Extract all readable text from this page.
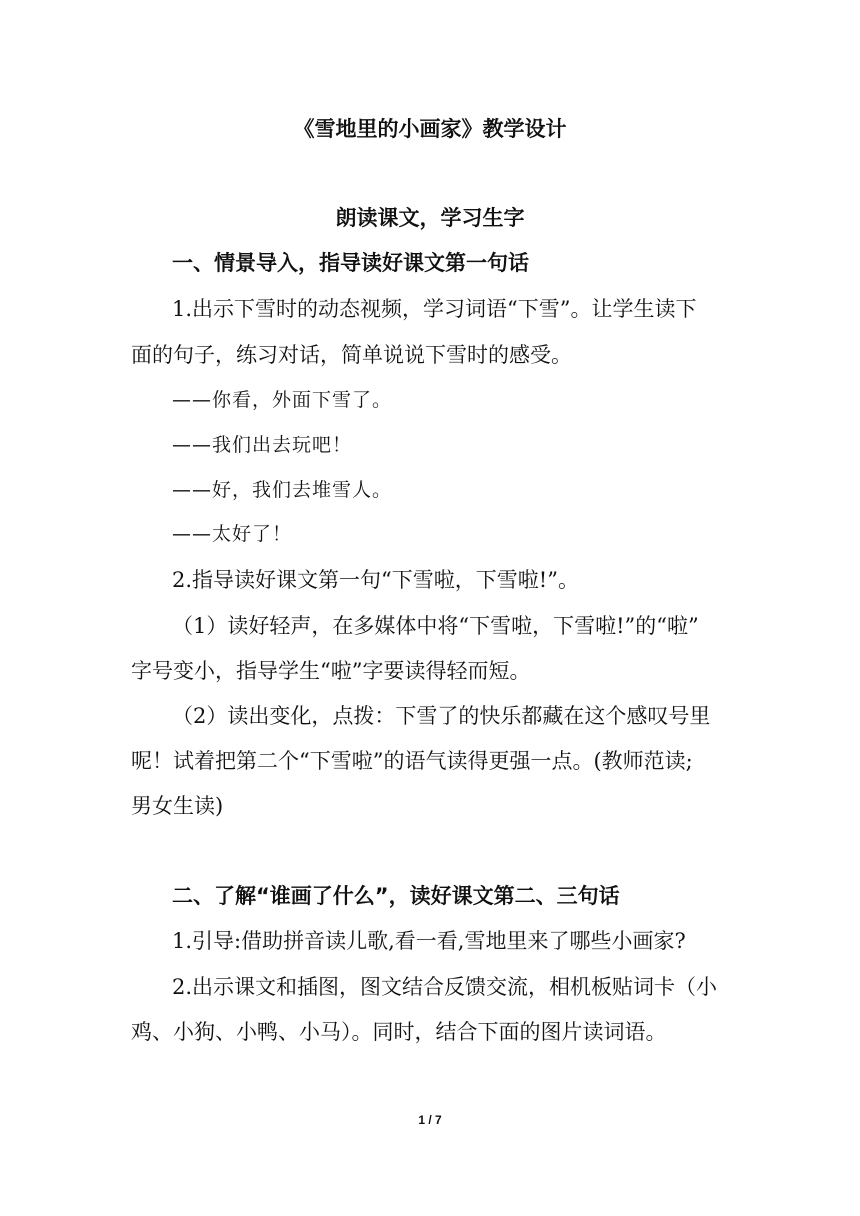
《雪地里的小画家》教学设计
朗读课文，学习生字
一、情景导入，指导读好课文第一句话
1.出示下雪时的动态视频，学习词语“下雪”。让学生读下
面的句子，练习对话，简单说说下雪时的感受。
——你看，外面下雪了。
——我们出去玩吧！
——好，我们去堆雪人。
——太好了！
2.指导读好课文第一句“下雪啦，下雪啦!”。
（1）读好轻声，在多媒体中将“下雪啦，下雪啦!”的“啦”
字号变小，指导学生“啦”字要读得轻而短。
（2）读出变化，点拨：下雪了的快乐都藏在这个感叹号里
呢！试着把第二个“下雪啦”的语气读得更强一点。(教师范读;
男女生读)
二、了解“谁画了什么”，读好课文第二、三句话
1.引导:借助拼音读儿歌,看一看,雪地里来了哪些小画家?
2.出示课文和插图，图文结合反馈交流，相机板贴词卡（小
鸡、小狗、小鸭、小马）。同时，结合下面的图片读词语。
1 / 7
